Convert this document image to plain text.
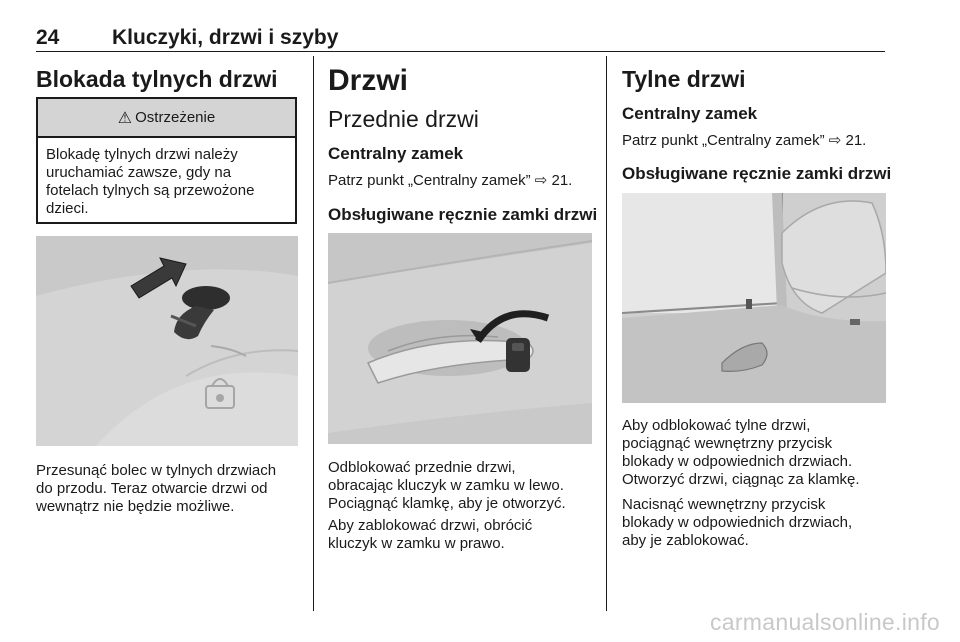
24	Kluczyki, drzwi i szyby
Blokada tylnych drzwi
⚠ Ostrzeżenie
Blokadę tylnych drzwi należy
uruchamiać zawsze, gdy na
fotelach tylnych są przewożone
dzieci.
Przesunąć bolec w tylnych drzwiach
do przodu. Teraz otwarcie drzwi od
wewnątrz nie będzie możliwe.
Drzwi
Przednie drzwi
Centralny zamek
Patrz punkt „Centralny zamek” ⇨ 21.
Obsługiwane ręcznie zamki drzwi
Odblokować przednie drzwi,
obracając kluczyk w zamku w lewo.
Pociągnąć klamkę, aby je otworzyć.
Aby zablokować drzwi, obrócić
kluczyk w zamku w prawo.
Tylne drzwi
Centralny zamek
Patrz punkt „Centralny zamek” ⇨ 21.
Obsługiwane ręcznie zamki drzwi
Aby odblokować tylne drzwi,
pociągnąć wewnętrzny przycisk
blokady w odpowiednich drzwiach.
Otworzyć drzwi, ciągnąc za klamkę.
Nacisnąć wewnętrzny przycisk
blokady w odpowiednich drzwiach,
aby je zablokować.
carmanualsonline.info
